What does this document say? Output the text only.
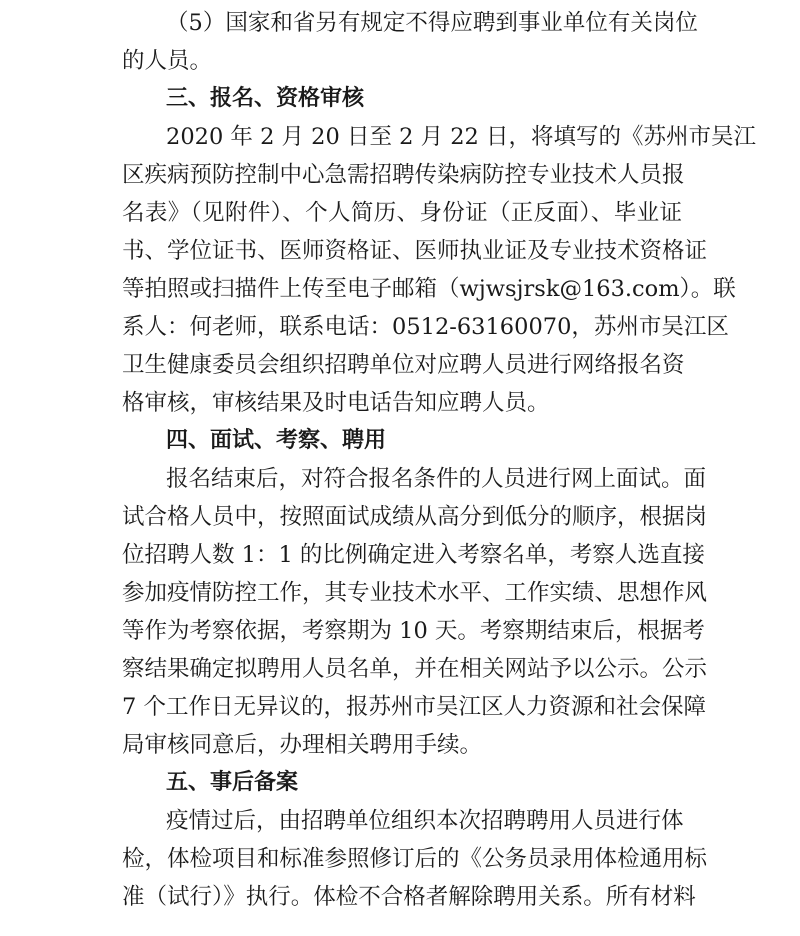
（5）国家和省另有规定不得应聘到事业单位有关岗位
的人员。
三、报名、资格审核
2020 年 2 月 20 日至 2 月 22 日，将填写的《苏州市吴江
区疾病预防控制中心急需招聘传染病防控专业技术人员报
名表》（见附件）、个人简历、身份证（正反面）、毕业证
书、学位证书、医师资格证、医师执业证及专业技术资格证
等拍照或扫描件上传至电子邮箱（wjwsjrsk@163.com）。联
系人：何老师，联系电话：0512-63160070，苏州市吴江区
卫生健康委员会组织招聘单位对应聘人员进行网络报名资
格审核，审核结果及时电话告知应聘人员。
四、面试、考察、聘用
报名结束后，对符合报名条件的人员进行网上面试。面
试合格人员中，按照面试成绩从高分到低分的顺序，根据岗
位招聘人数 1：1 的比例确定进入考察名单，考察人选直接
参加疫情防控工作，其专业技术水平、工作实绩、思想作风
等作为考察依据，考察期为 10 天。考察期结束后，根据考
察结果确定拟聘用人员名单，并在相关网站予以公示。公示
7 个工作日无异议的，报苏州市吴江区人力资源和社会保障
局审核同意后，办理相关聘用手续。
五、事后备案
疫情过后，由招聘单位组织本次招聘聘用人员进行体
检，体检项目和标准参照修订后的《公务员录用体检通用标
准（试行）》执行。体检不合格者解除聘用关系。所有材料
